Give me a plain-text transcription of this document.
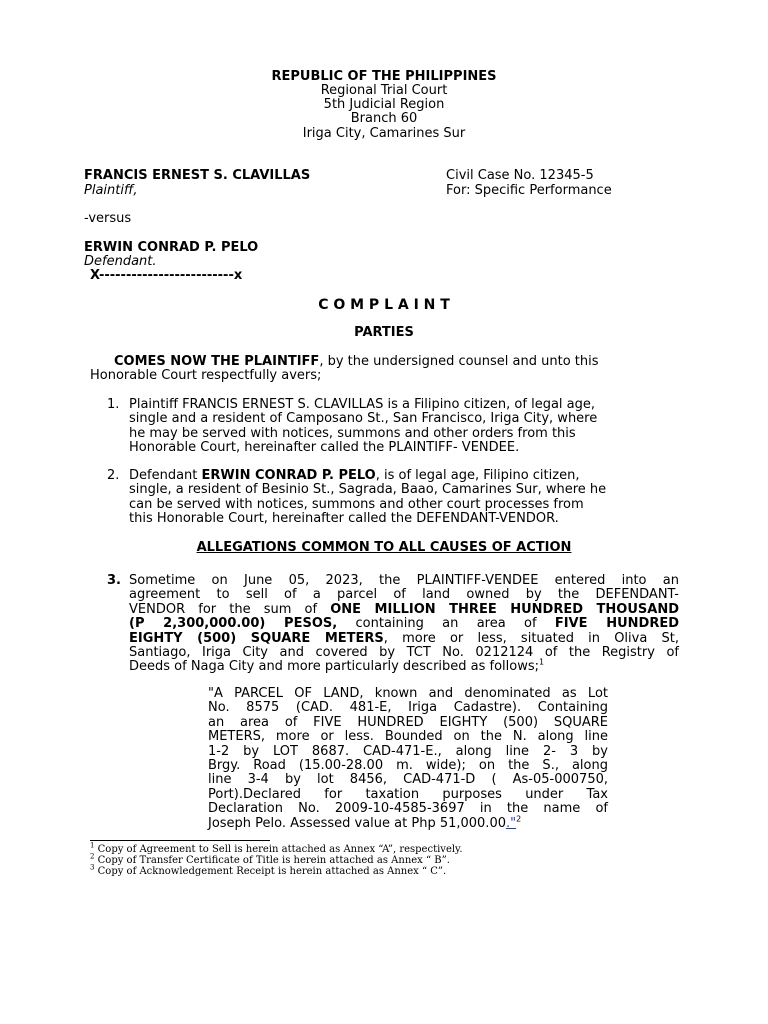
REPUBLIC OF THE PHILIPPINES
Regional Trial Court
5th Judicial Region
Branch 60
Iriga City, Camarines Sur
FRANCIS ERNEST S. CLAVILLAS
Plaintiff,
Civil Case No. 12345-5
For: Specific Performance
-versus
ERWIN CONRAD P. PELO
Defendant.
X-------------------------x
C O M P L A I N T
PARTIES
COMES NOW THE PLAINTIFF, by the undersigned counsel and unto this
Honorable Court respectfully avers;
1. Plaintiff FRANCIS ERNEST S. CLAVILLAS is a Filipino citizen, of legal age,
single and a resident of Camposano St., San Francisco, Iriga City, where
he may be served with notices, summons and other orders from this
Honorable Court, hereinafter called the PLAINTIFF- VENDEE.
2. Defendant ERWIN CONRAD P. PELO, is of legal age, Filipino citizen,
single, a resident of Besinio St., Sagrada, Baao, Camarines Sur, where he
can be served with notices, summons and other court processes from
this Honorable Court, hereinafter called the DEFENDANT-VENDOR.
ALLEGATIONS COMMON TO ALL CAUSES OF ACTION
3. Sometime on June 05, 2023, the PLAINTIFF-VENDEE entered into an
agreement to sell of a parcel of land owned by the DEFENDANT-
VENDOR for the sum of ONE MILLION THREE HUNDRED THOUSAND
(P 2,300,000.00) PESOS, containing an area of FIVE HUNDRED
EIGHTY (500) SQUARE METERS, more or less, situated in Oliva St,
Santiago, Iriga City and covered by TCT No. 0212124 of the Registry of
Deeds of Naga City and more particularly described as follows;$^1$
"A PARCEL OF LAND, known and denominated as Lot
No. 8575 (CAD. 481-E, Iriga Cadastre). Containing
an area of FIVE HUNDRED EIGHTY (500) SQUARE
METERS, more or less. Bounded on the N. along line
1-2 by LOT 8687. CAD-471-E., along line 2- 3 by
Brgy. Road (15.00-28.00 m. wide); on the S., along
line 3-4 by lot 8456, CAD-471-D ( As-05-000750,
Port).Declared for taxation purposes under Tax
Declaration No. 2009-10-4585-3697 in the name of
Joseph Pelo. Assessed value at Php 51,000.00."$^2$
$^1$ Copy of Agreement to Sell is herein attached as Annex “A”, respectively.
$^2$ Copy of Transfer Certificate of Title is herein attached as Annex “ B”.
$^3$ Copy of Acknowledgement Receipt is herein attached as Annex “ C”.
